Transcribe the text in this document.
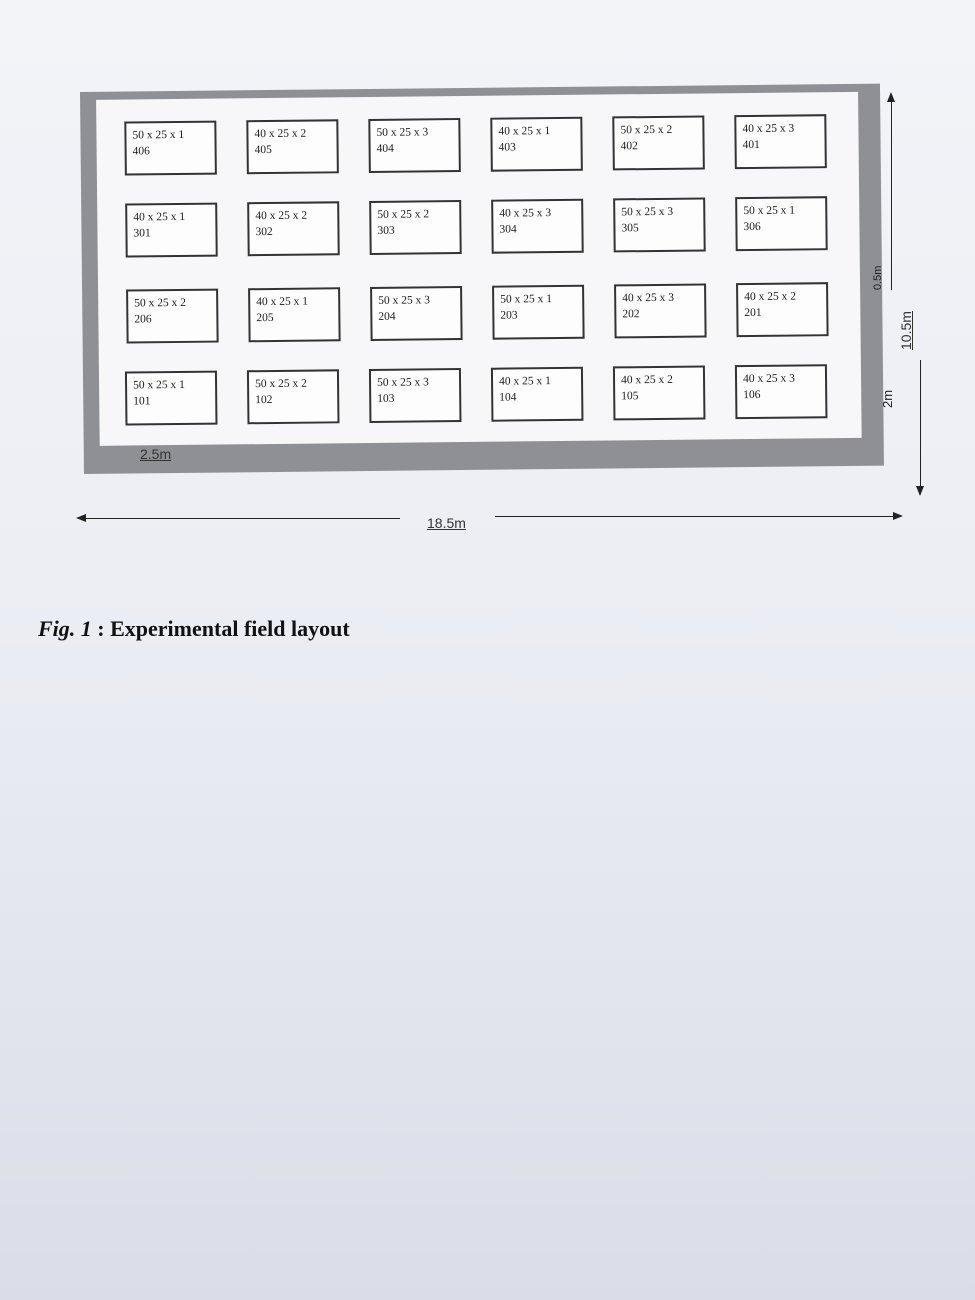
50 x 25 x 1
406
40 x 25 x 2
405
50 x 25 x 3
404
40 x 25 x 1
403
50 x 25 x 2
402
40 x 25 x 3
401
40 x 25 x 1
301
40 x 25 x 2
302
50 x 25 x 2
303
40 x 25 x 3
304
50 x 25 x 3
305
50 x 25 x 1
306
50 x 25 x 2
206
40 x 25 x 1
205
50 x 25 x 3
204
50 x 25 x 1
203
40 x 25 x 3
202
40 x 25 x 2
201
50 x 25 x 1
101
50 x 25 x 2
102
50 x 25 x 3
103
40 x 25 x 1
104
40 x 25 x 2
105
40 x 25 x 3
106
2.5m
18.5m
10.5m
0.5m
2m
Fig. 1 : Experimental field layout
